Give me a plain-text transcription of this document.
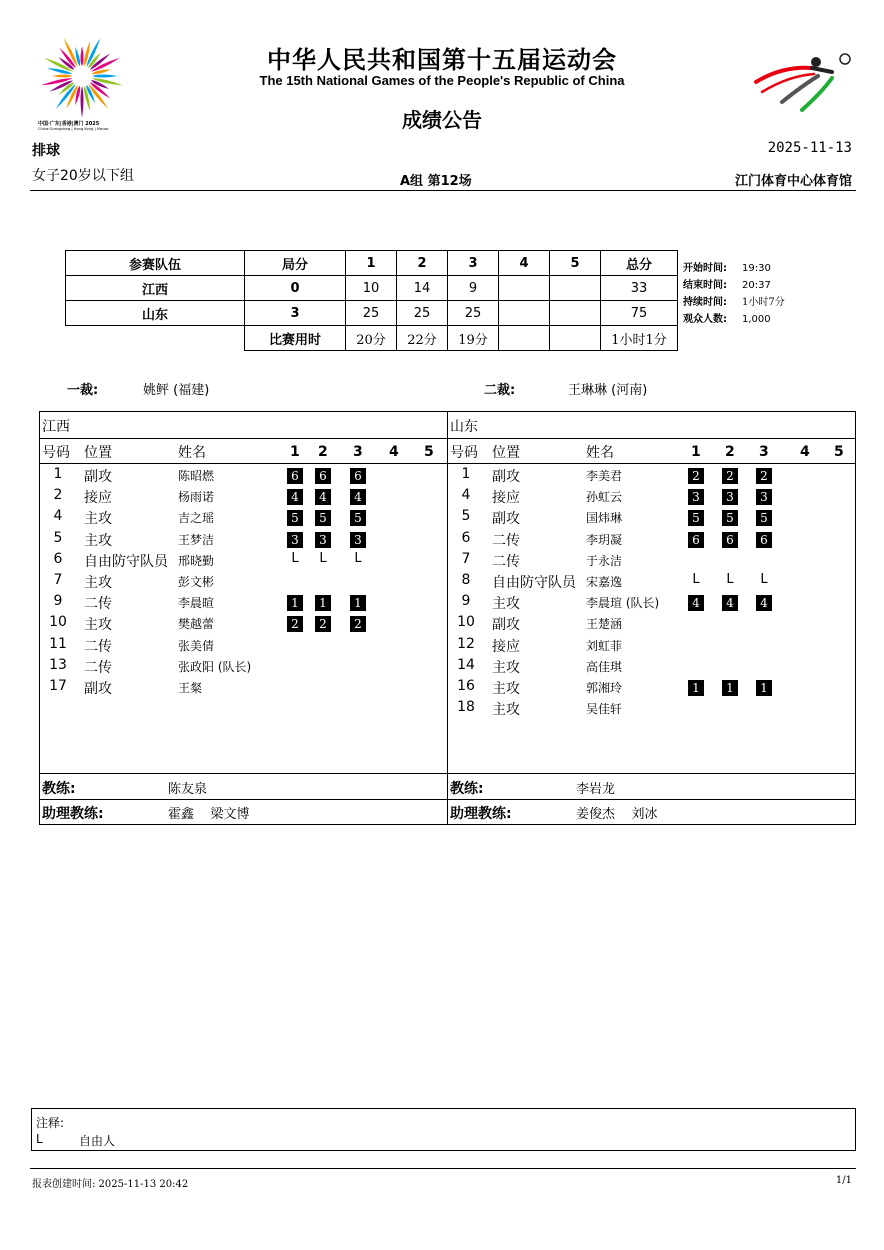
中国·广东|香港|澳门 2025
China·Guangdong | Hong Kong | Macao
中华人民共和国第十五届运动会
The 15th National Games of the People's Republic of China
成绩公告
排球	2025-11-13
女子20岁以下组	A组 第12场	江门体育中心体育馆
参赛队伍	局分	1	2	3	4	5	总分
江西	0	10	14	9			33
山东	3	25	25	25			75
	比赛用时	20分	22分	19分			1小时1分
开始时间: 19:30
结束时间: 20:37
持续时间: 1小时7分
观众人数: 1,000
一裁:	姚鲆 (福建)	二裁:	王琳琳 (河南)
江西
号码 位置	姓名	1 2 3 4 5
1	副攻	陈昭燃	6	6	6
2	接应	杨雨诺	4	4	4
4	主攻	吉之瑶	5	5	5
5	主攻	王梦洁	3	3	3
6	自由防守队员 邢晓勤	L	L	L
7	主攻	彭文彬
9	二传	李晨暄	1	1	1
10	主攻	樊越蕾	2	2	2
11	二传	张美倩
13	二传	张政阳 (队长)
17	副攻	王粲
教练:	陈友泉
助理教练:	霍鑫    梁文博
山东
号码 位置	姓名	1 2 3 4 5
1	副攻	李美君	2	2	2
4	接应	孙虹云	3	3	3
5	副攻	国炜琳	5	5	5
6	二传	李玥凝	6	6	6
7	二传	于永洁
8	自由防守队员 宋嘉逸	L	L	L
9	主攻	李晨瑄 (队长)	4	4	4
10	副攻	王楚涵
12	接应	刘虹菲
14	主攻	高佳琪
16	主攻	郭湘玲	1	1	1
18	主攻	吴佳轩
教练:	李岩龙
助理教练:	姜俊杰    刘冰
注释:
L	自由人
报表创建时间: 2025-11-13 20:42	1/1
